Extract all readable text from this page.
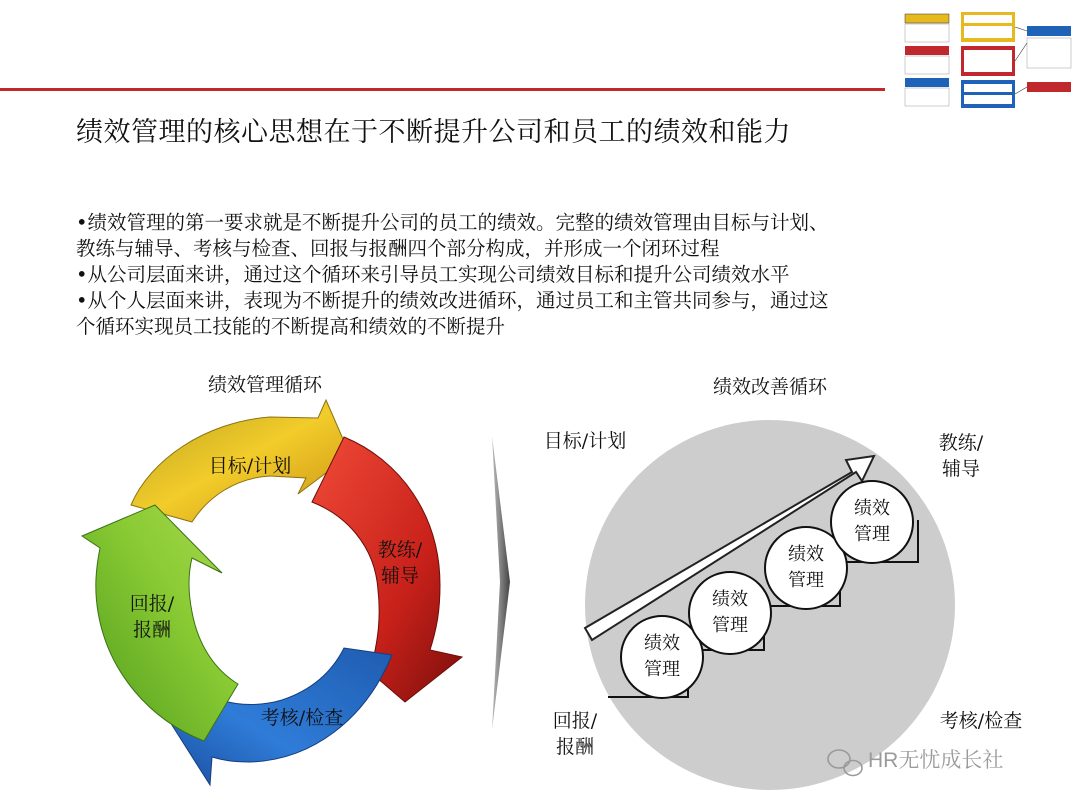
绩效管理的核心思想在于不断提升公司和员工的绩效和能力
•绩效管理的第一要求就是不断提升公司的员工的绩效。完整的绩效管理由目标与计划、
教练与辅导、考核与检查、回报与报酬四个部分构成，并形成一个闭环过程
•从公司层面来讲，通过这个循环来引导员工实现公司绩效目标和提升公司绩效水平
•从个人层面来讲，表现为不断提升的绩效改进循环，通过员工和主管共同参与，通过这
个循环实现员工技能的不断提高和绩效的不断提升
绩效管理循环
目标/计划
教练/
辅导
考核/检查
回报/
报酬
绩效改善循环
目标/计划	教练/
辅导
回报/
报酬
考核/检查
绩效
管理
绩效
管理
绩效
管理
绩效
管理
HR无忧成长社
